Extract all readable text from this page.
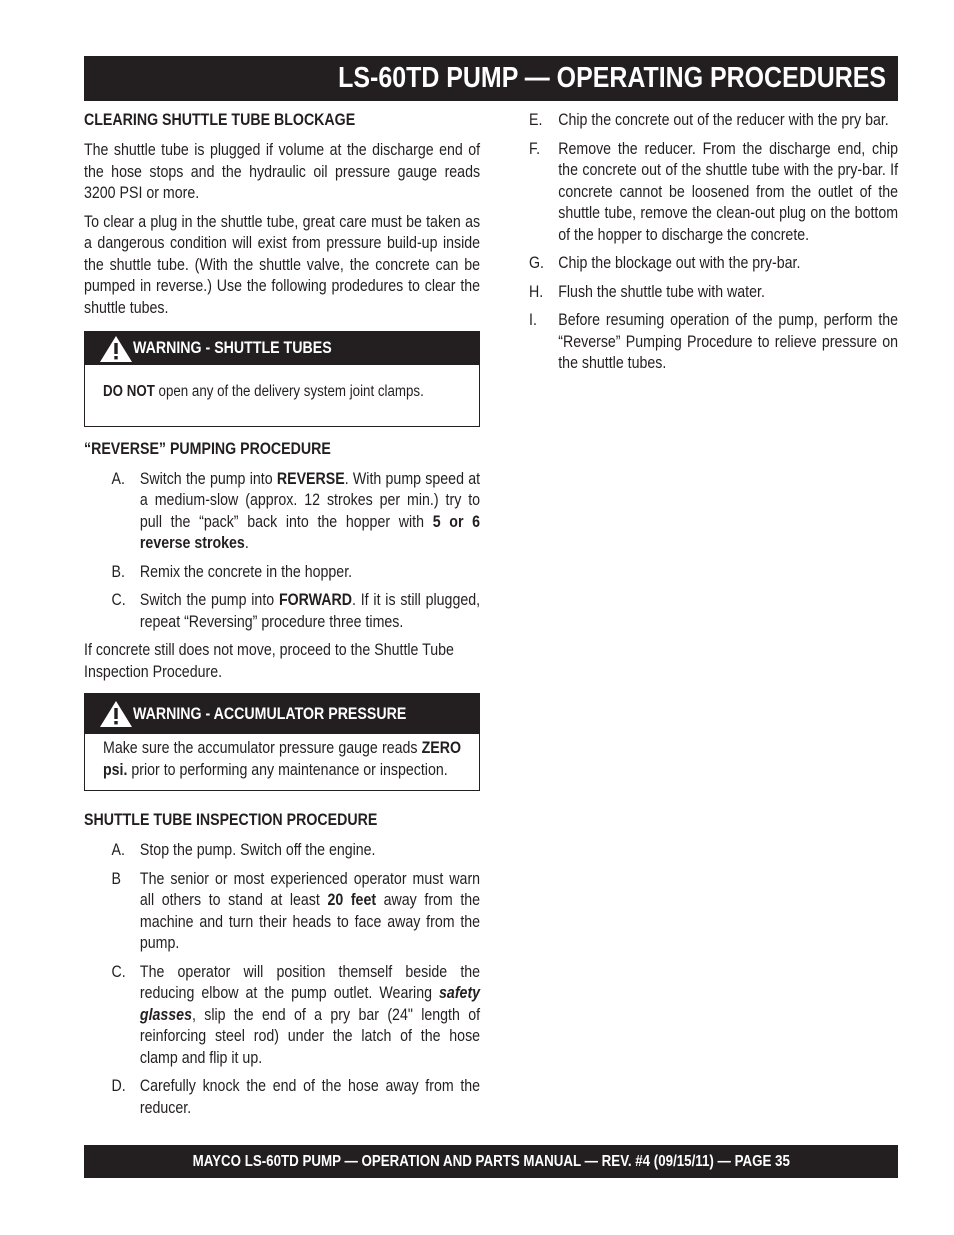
LS-60TD PUMP — OPERATING PROCEDURES
CLEARING SHUTTLE TUBE BLOCKAGE

The shuttle tube is plugged if volume at the discharge end of the hose stops and the hydraulic oil pressure gauge reads 3200 PSI or more.

To clear a plug in the shuttle tube, great care must be taken as a dangerous condition will exist from pressure build-up inside the shuttle tube. (With the shuttle valve, the concrete can be pumped in reverse.) Use the following prodedures to clear the shuttle tubes.

WARNING - SHUTTLE TUBES

DO NOT open any of the delivery system joint clamps.

“REVERSE” PUMPING PROCEDURE
A. Switch the pump into REVERSE. With pump speed at a medium-slow (approx. 12 strokes per min.) try to pull the “pack” back into the hopper with 5 or 6 reverse strokes.
B. Remix the concrete in the hopper.
C. Switch the pump into FORWARD. If it is still plugged, repeat “Reversing” procedure three times.

If concrete still does not move, proceed to the Shuttle Tube Inspection Procedure.

WARNING - ACCUMULATOR PRESSURE

Make sure the accumulator pressure gauge reads ZERO psi. prior to performing any maintenance or inspection.

SHUTTLE TUBE INSPECTION PROCEDURE
A. Stop the pump. Switch off the engine.
B	The senior or most experienced operator must warn all others to stand at least 20 feet away from the machine and turn their heads to face away from the pump.
C. The operator will position themself beside the reducing elbow at the pump outlet. Wearing safety glasses, slip the end of a pry bar (24" length of reinforcing steel rod) under the latch of the hose clamp and flip it up.
D. Carefully knock the end of the hose away from the reducer.
E. Chip the concrete out of the reducer with the pry bar.
F.	Remove the reducer. From the discharge end, chip the concrete out of the shuttle tube with the pry-bar. If concrete cannot be loosened from the outlet of the shuttle tube, remove the clean-out plug on the bottom of the hopper to discharge the concrete.
G. Chip the blockage out with the pry-bar.
H. Flush the shuttle tube with water.
I.	Before resuming operation of the pump, perform the “Reverse” Pumping Procedure to relieve pressure on the shuttle tubes.
MAYCO LS-60TD PUMP — OPERATION AND PARTS MANUAL — REV. #4 (09/15/11) — PAGE 35
